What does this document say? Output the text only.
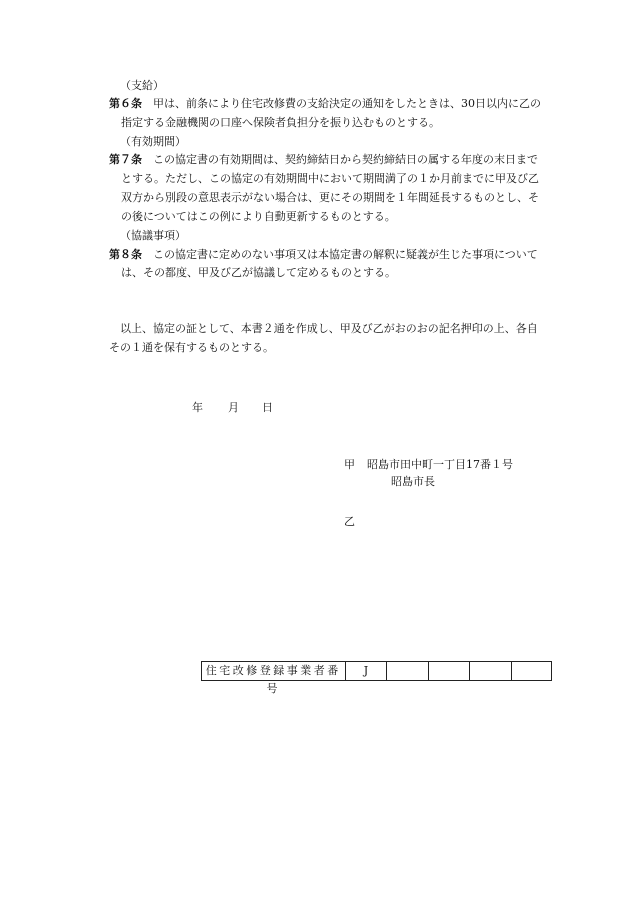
（支給）
第６条 甲は、前条により住宅改修費の支給決定の通知をしたときは、30日以内に乙の
指定する金融機関の口座へ保険者負担分を振り込むものとする。
（有効期間）
第７条 この協定書の有効期間は、契約締結日から契約締結日の属する年度の末日まで
とする。ただし、この協定の有効期間中において期間満了の１か月前までに甲及び乙
双方から別段の意思表示がない場合は、更にその期間を１年間延長するものとし、そ
の後についてはこの例により自動更新するものとする。
（協議事項）
第８条 この協定書に定めのない事項又は本協定書の解釈に疑義が生じた事項について
は、その都度、甲及び乙が協議して定めるものとする。
以上、協定の証として、本書２通を作成し、甲及び乙がおのおの記名押印の上、各自
その１通を保有するものとする。
年 月 日
甲 昭島市田中町一丁目17番１号
昭島市長
乙
住宅改修登録事業者番号
J
